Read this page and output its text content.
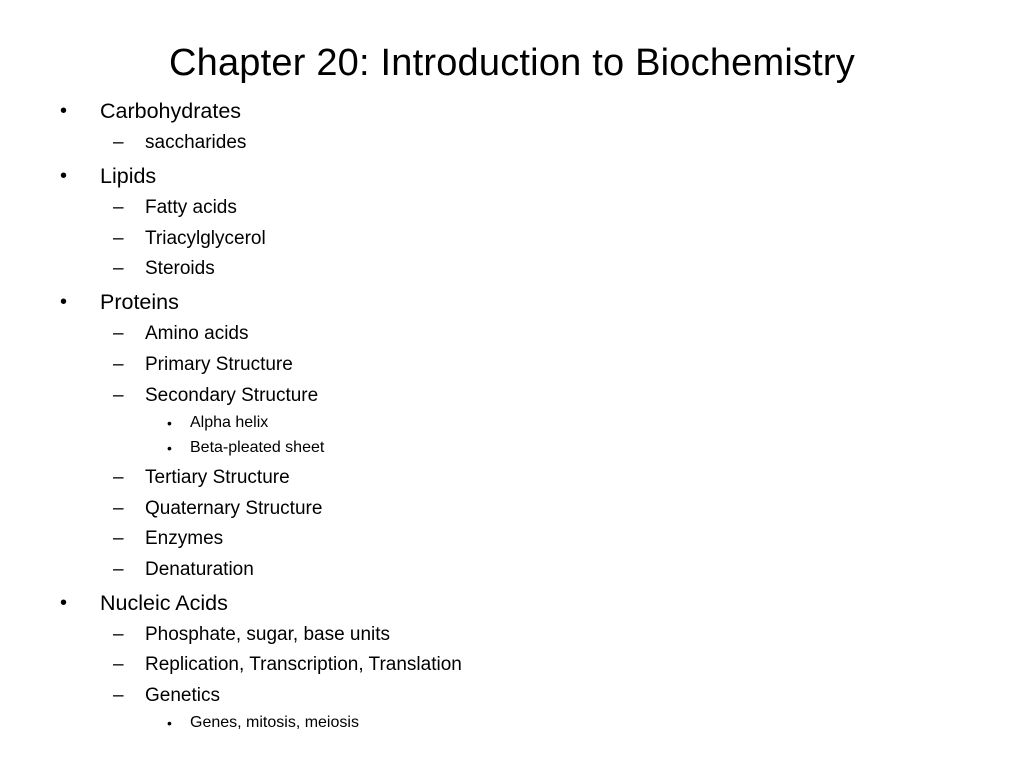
Chapter 20: Introduction to Biochemistry
• Carbohydrates
– saccharides
• Lipids
– Fatty acids
– Triacylglycerol
– Steroids
• Proteins
– Amino acids
– Primary Structure
– Secondary Structure
• Alpha helix
• Beta-pleated sheet
– Tertiary Structure
– Quaternary Structure
– Enzymes
– Denaturation
• Nucleic Acids
– Phosphate, sugar, base units
– Replication, Transcription, Translation
– Genetics
• Genes, mitosis, meiosis
